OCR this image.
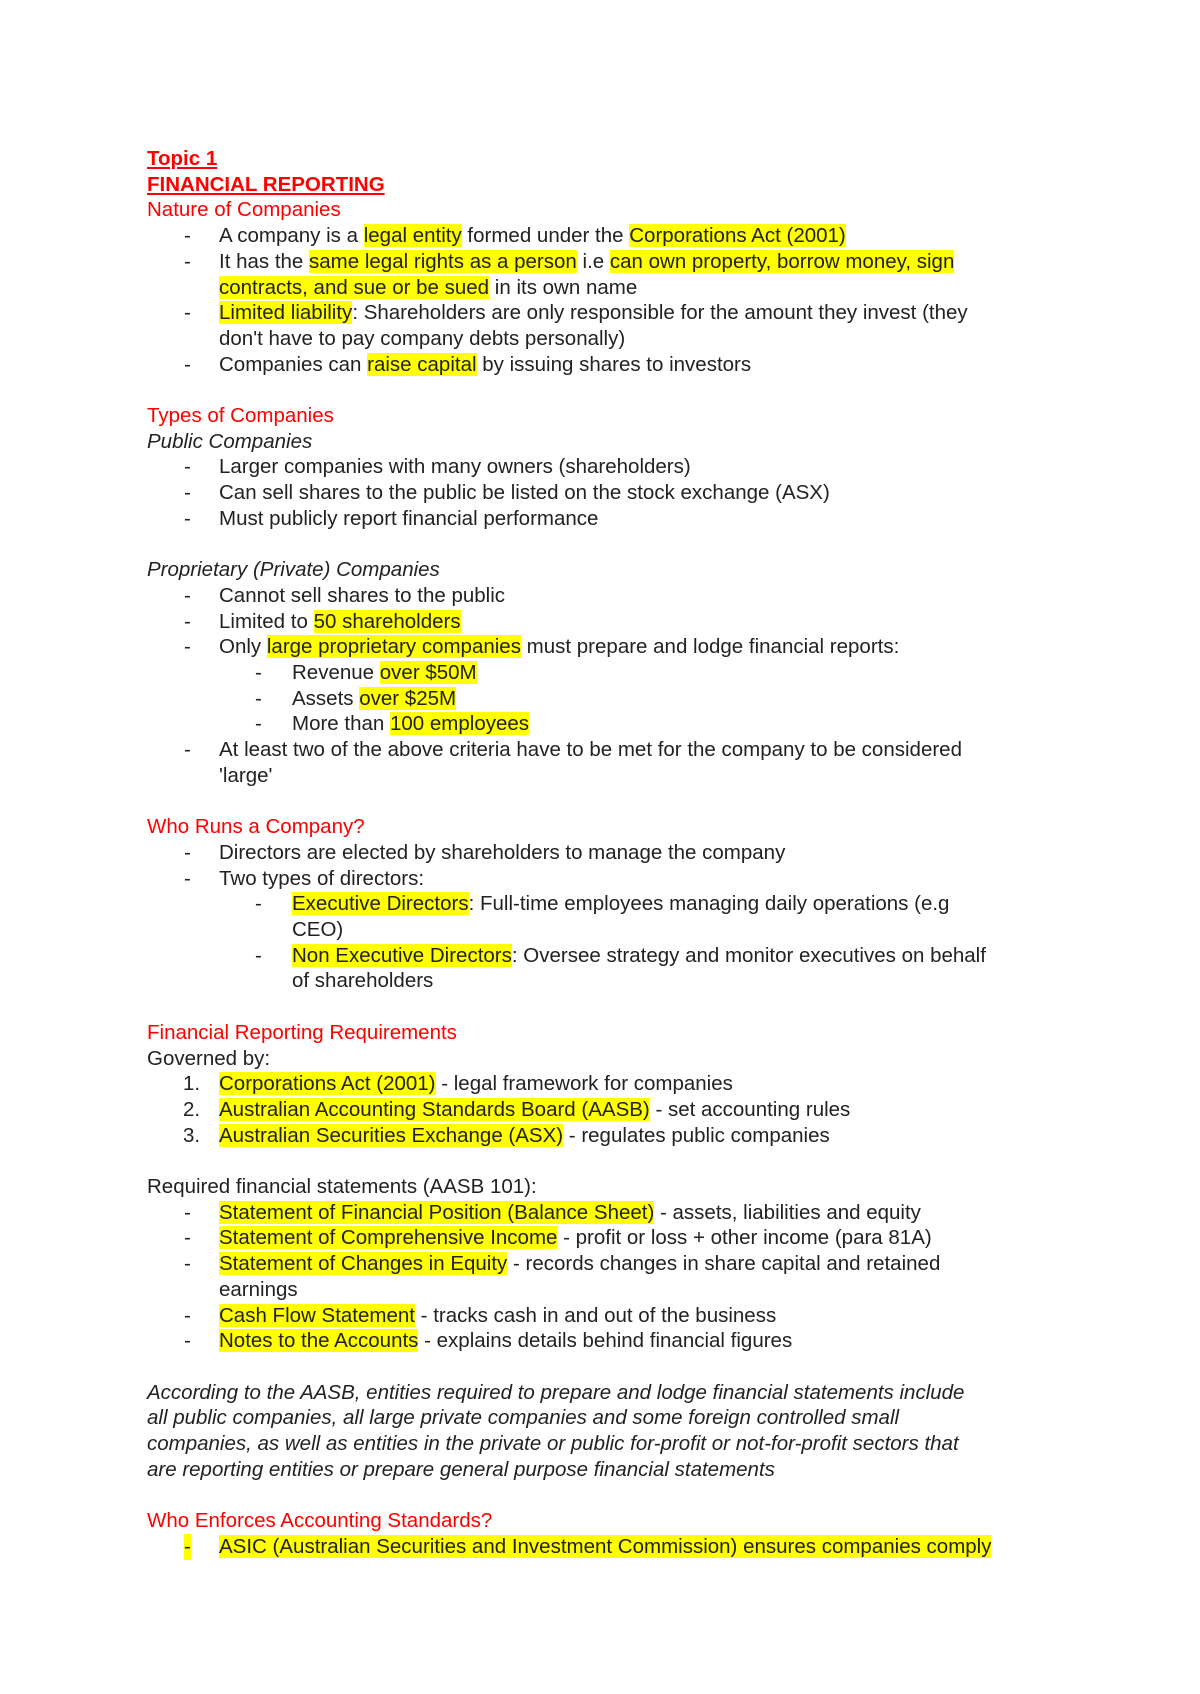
Topic 1
FINANCIAL REPORTING
Nature of Companies
- A company is a legal entity formed under the Corporations Act (2001)
- It has the same legal rights as a person i.e can own property, borrow money, sign
contracts, and sue or be sued in its own name
- Limited liability: Shareholders are only responsible for the amount they invest (they
don't have to pay company debts personally)
- Companies can raise capital by issuing shares to investors
Types of Companies
Public Companies
- Larger companies with many owners (shareholders)
- Can sell shares to the public be listed on the stock exchange (ASX)
- Must publicly report financial performance
Proprietary (Private) Companies
- Cannot sell shares to the public
- Limited to 50 shareholders
- Only large proprietary companies must prepare and lodge financial reports:
- Revenue over $50M
- Assets over $25M
- More than 100 employees
- At least two of the above criteria have to be met for the company to be considered
'large'
Who Runs a Company?
- Directors are elected by shareholders to manage the company
- Two types of directors:
- Executive Directors: Full-time employees managing daily operations (e.g
CEO)
- Non Executive Directors: Oversee strategy and monitor executives on behalf
of shareholders
Financial Reporting Requirements
Governed by:
1. Corporations Act (2001) - legal framework for companies
2. Australian Accounting Standards Board (AASB) - set accounting rules
3. Australian Securities Exchange (ASX) - regulates public companies
Required financial statements (AASB 101):
- Statement of Financial Position (Balance Sheet) - assets, liabilities and equity
- Statement of Comprehensive Income - profit or loss + other income (para 81A)
- Statement of Changes in Equity - records changes in share capital and retained
earnings
- Cash Flow Statement - tracks cash in and out of the business
- Notes to the Accounts - explains details behind financial figures
According to the AASB, entities required to prepare and lodge financial statements include
all public companies, all large private companies and some foreign controlled small
companies, as well as entities in the private or public for-profit or not-for-profit sectors that
are reporting entities or prepare general purpose financial statements
Who Enforces Accounting Standards?
- ASIC (Australian Securities and Investment Commission) ensures companies comply
